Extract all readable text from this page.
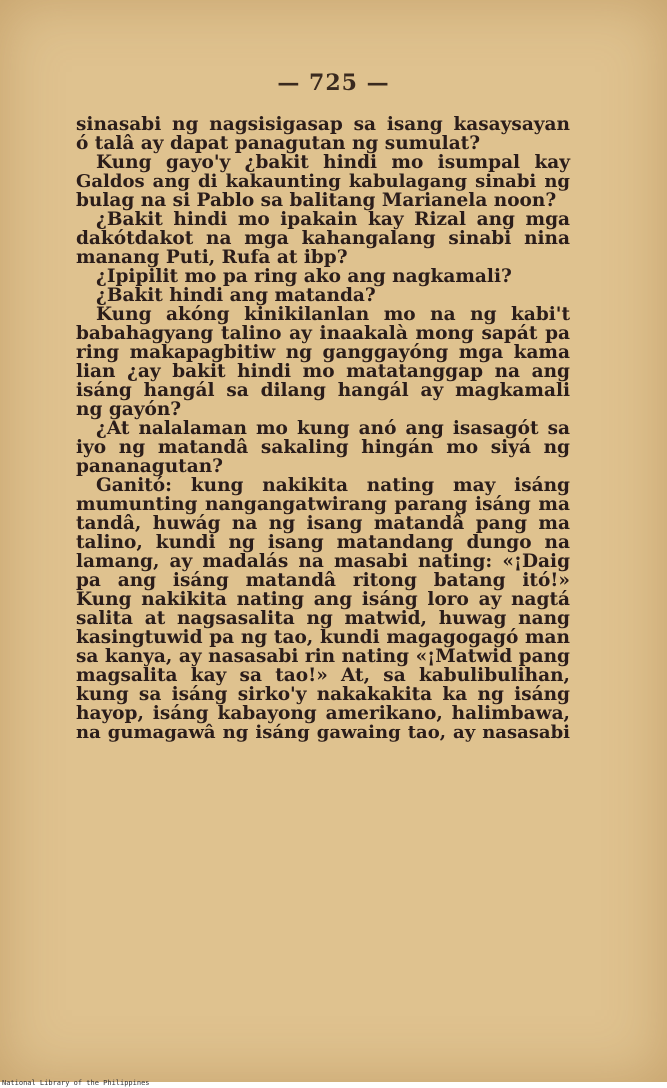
— 725 —
sinasabi ng nagsisigasap sa isang kasaysayan
ó talâ ay dapat panagutan ng sumulat?
Kung gayo'y ¿bakit hindi mo isumpal kay
Galdos ang di kakaunting kabulagang sinabi ng
bulag na si Pablo sa balitang Marianela noon?
¿Bakit hindi mo ipakain kay Rizal ang mga
dakótdakot na mga kahangalang sinabi nina
manang Puti, Rufa at ibp?
¿Ipipilit mo pa ring ako ang nagkamali?
¿Bakit hindi ang matanda?
Kung akóng kinikilanlan mo na ng kabi't
babahagyang talino ay inaakalà mong sapát pa
ring makapagbitiw ng ganggayóng mga kama
lian ¿ay bakit hindi mo matatanggap na ang
isáng hangál sa dilang hangál ay magkamali
ng gayón?
¿At nalalaman mo kung anó ang isasagót sa
iyo ng matandâ sakaling hingán mo siyá ng
pananagutan?
Ganitó: kung nakikita nating may isáng
mumunting nangangatwirang parang isáng ma
tandâ, huwág na ng isang matandâ pang ma
talino, kundi ng isang matandang dungo na
lamang, ay madalás na masabi nating: «¡Daig
pa ang isáng matandâ ritong batang itó!»
Kung nakikita nating ang isáng loro ay nagtá
salita at nagsasalita ng matwid, huwag nang
kasingtuwid pa ng tao, kundi magagogagó man
sa kanya, ay nasasabi rin nating «¡Matwid pang
magsalita kay sa tao!» At, sa kabulibulihan,
kung sa isáng sirko'y nakakakita ka ng isáng
hayop, isáng kabayong amerikano, halimbawa,
na gumagawâ ng isáng gawaing tao, ay nasasabi
National Library of the Philippines
